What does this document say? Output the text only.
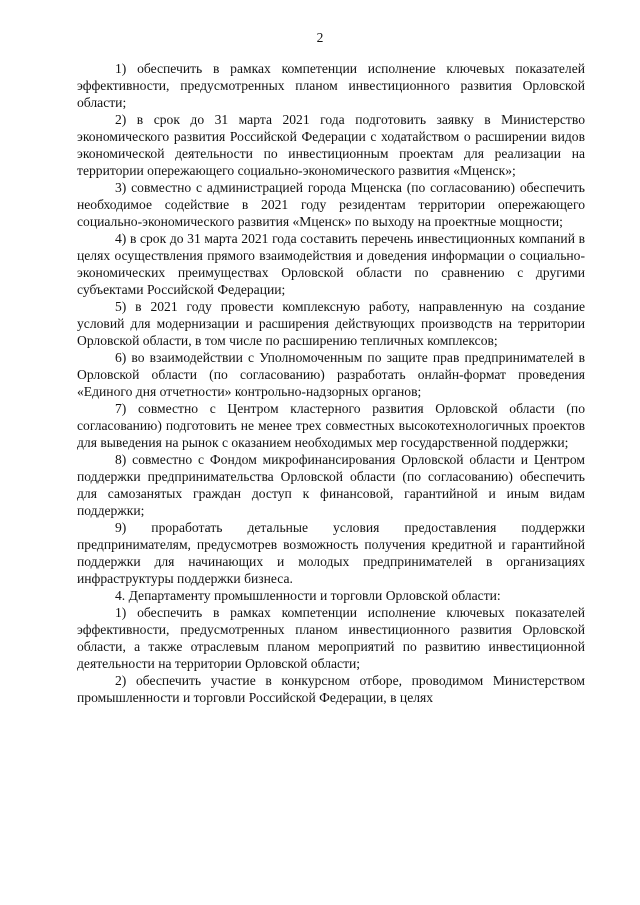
2

1) обеспечить в рамках компетенции исполнение ключевых показателей эффективности, предусмотренных планом инвестиционного развития Орловской области;

2) в срок до 31 марта 2021 года подготовить заявку в Министерство экономического развития Российской Федерации с ходатайством о расширении видов экономической деятельности по инвестиционным проектам для реализации на территории опережающего социально-экономического развития «Мценск»;

3) совместно с администрацией города Мценска (по согласованию) обеспечить необходимое содействие в 2021 году резидентам территории опережающего социально-экономического развития «Мценск» по выходу на проектные мощности;

4) в срок до 31 марта 2021 года составить перечень инвестиционных компаний в целях осуществления прямого взаимодействия и доведения информации о социально-экономических преимуществах Орловской области по сравнению с другими субъектами Российской Федерации;

5) в 2021 году провести комплексную работу, направленную на создание условий для модернизации и расширения действующих производств на территории Орловской области, в том числе по расширению тепличных комплексов;

6) во взаимодействии с Уполномоченным по защите прав предпринимателей в Орловской области (по согласованию) разработать онлайн-формат проведения «Единого дня отчетности» контрольно-надзорных органов;

7) совместно с Центром кластерного развития Орловской области (по согласованию) подготовить не менее трех совместных высокотехнологичных проектов для выведения на рынок с оказанием необходимых мер государственной поддержки;

8) совместно с Фондом микрофинансирования Орловской области и Центром поддержки предпринимательства Орловской области (по согласованию) обеспечить для самозанятых граждан доступ к финансовой, гарантийной и иным видам поддержки;

9) проработать детальные условия предоставления поддержки предпринимателям, предусмотрев возможность получения кредитной и гарантийной поддержки для начинающих и молодых предпринимателей в организациях инфраструктуры поддержки бизнеса.

4. Департаменту промышленности и торговли Орловской области:

1) обеспечить в рамках компетенции исполнение ключевых показателей эффективности, предусмотренных планом инвестиционного развития Орловской области, а также отраслевым планом мероприятий по развитию инвестиционной деятельности на территории Орловской области;

2) обеспечить участие в конкурсном отборе, проводимом Министерством промышленности и торговли Российской Федерации, в целях
